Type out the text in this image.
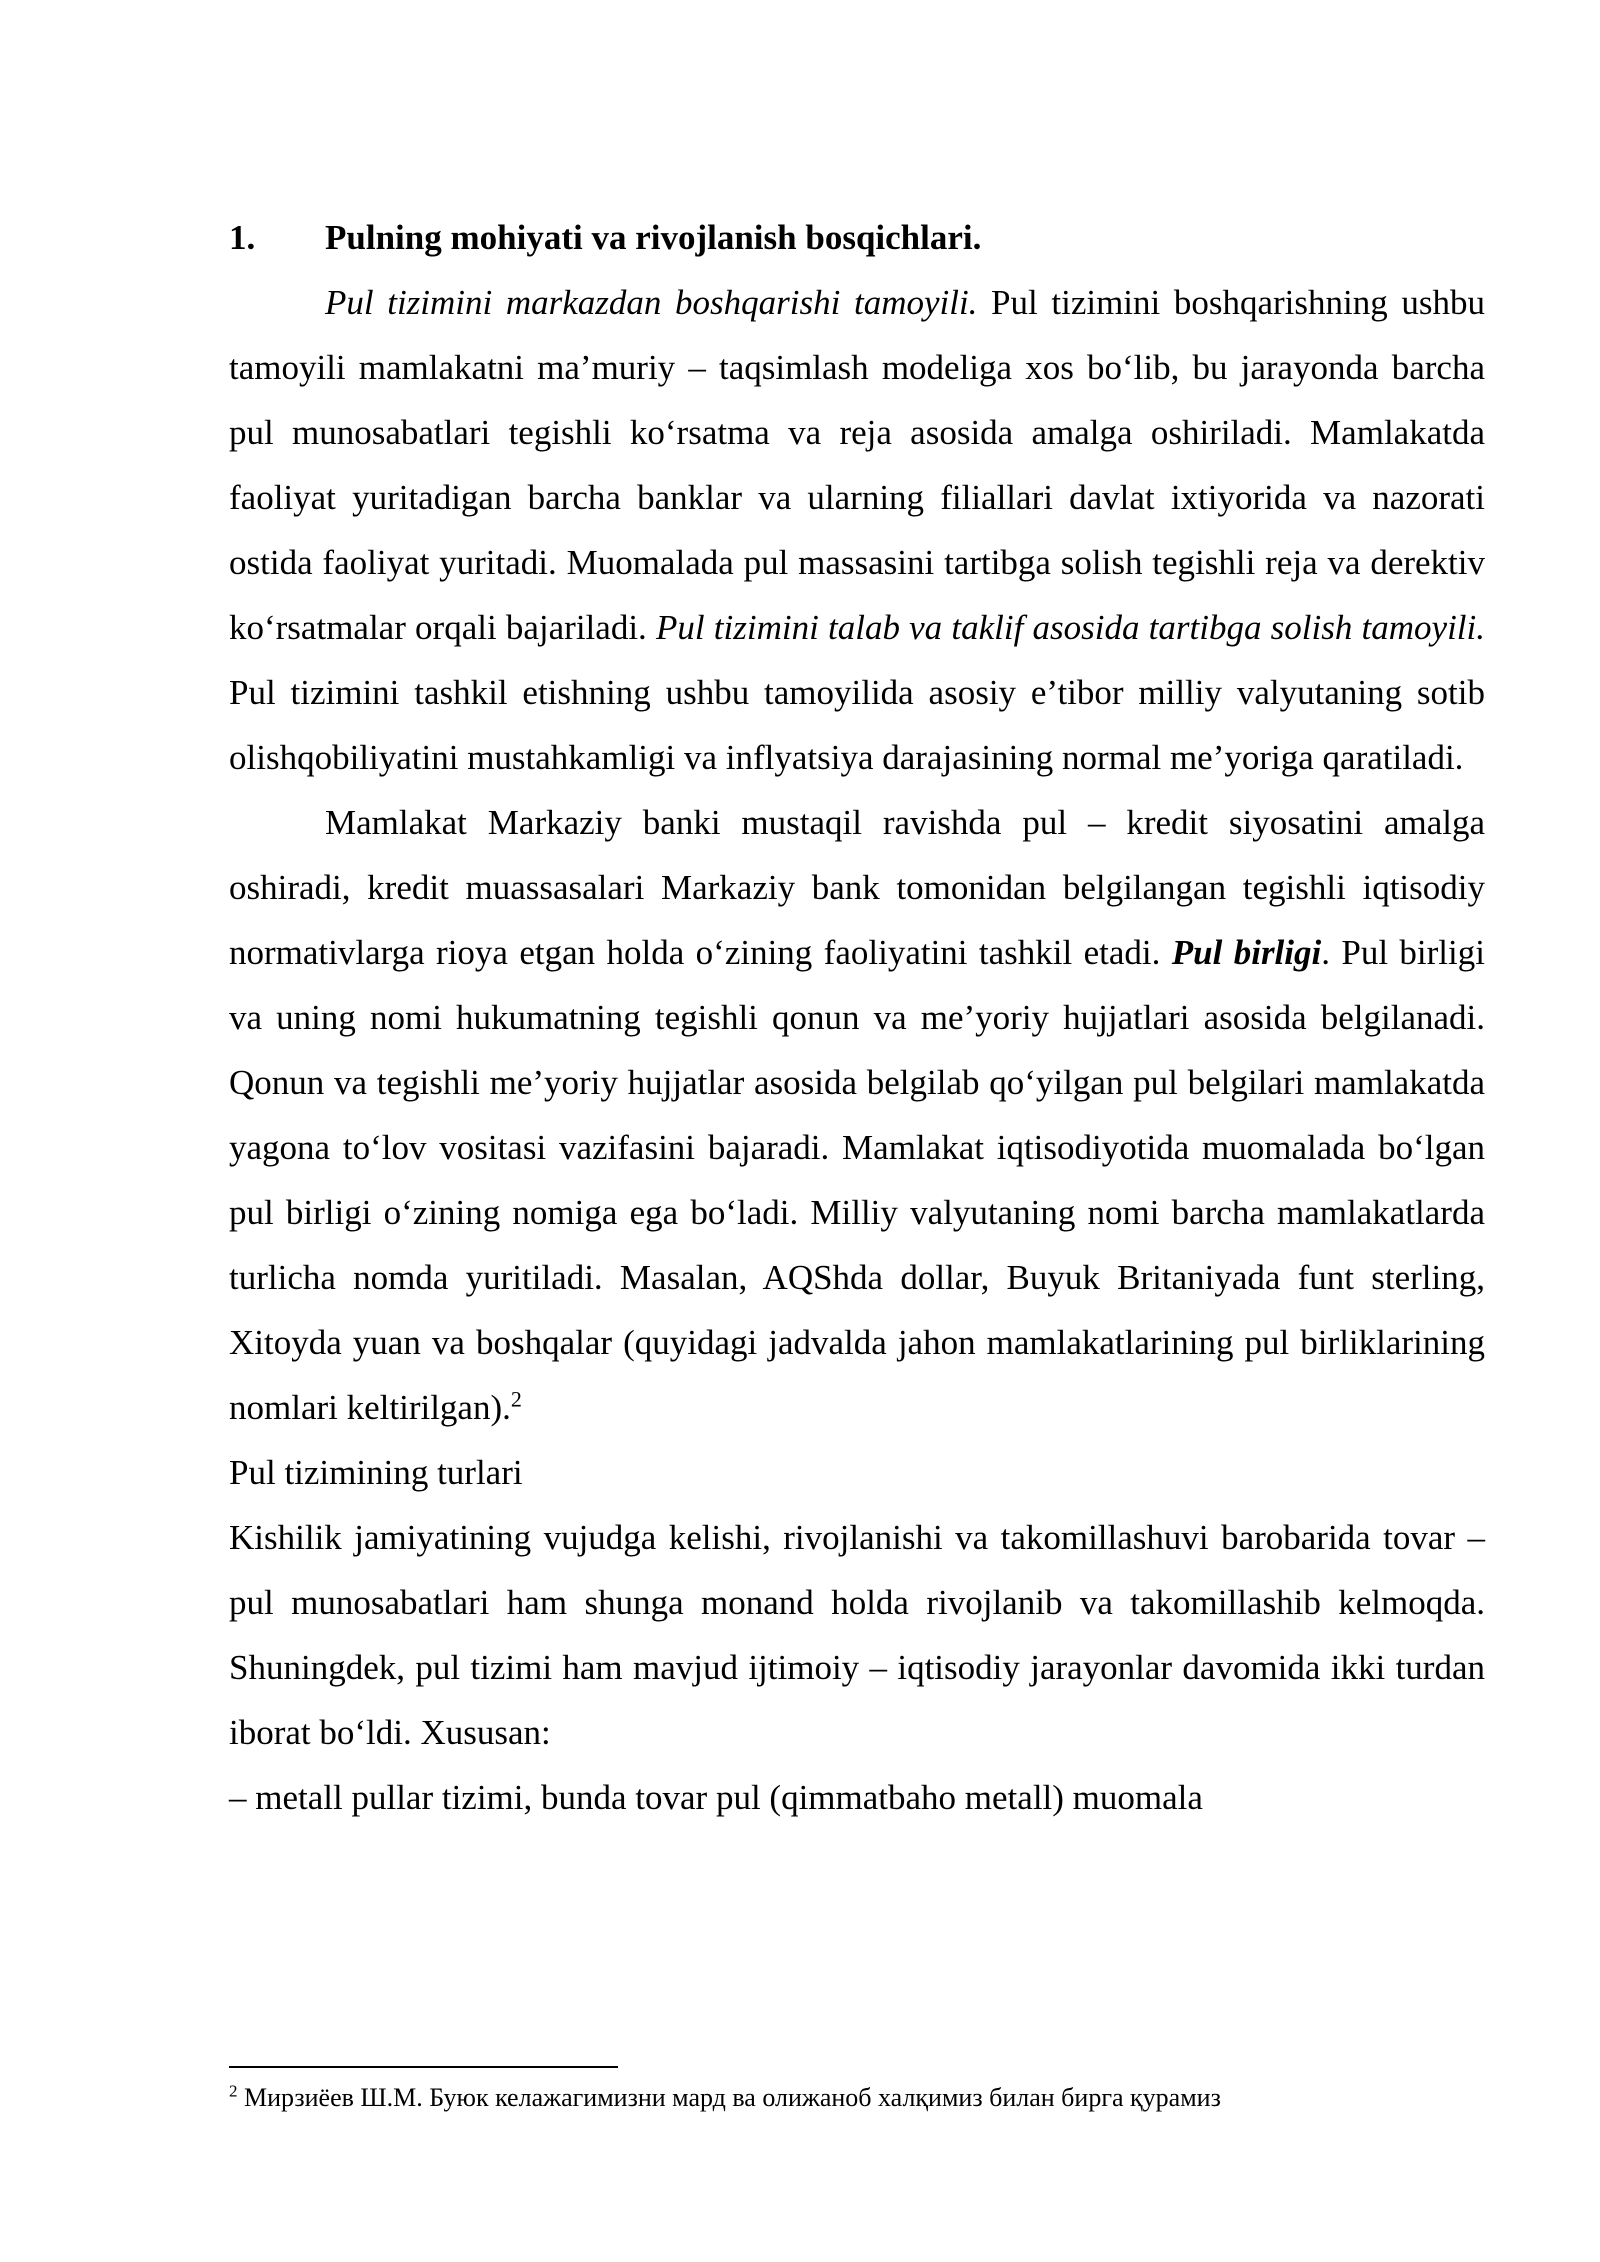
1.	Pulning mohiyati va rivojlanish bosqichlari.

Pul tizimini markazdan boshqarishi tamoyili. Pul tizimini boshqarishning ushbu tamoyili mamlakatni ma’muriy – taqsimlash modeliga xos bo‘lib, bu jarayonda barcha pul munosabatlari tegishli ko‘rsatma va reja asosida amalga oshiriladi. Mamlakatda faoliyat yuritadigan barcha banklar va ularning filiallari davlat ixtiyorida va nazorati ostida faoliyat yuritadi. Muomalada pul massasini tartibga solish tegishli reja va derektiv ko‘rsatmalar orqali bajariladi. Pul tizimini talab va taklif asosida tartibga solish tamoyili. Pul tizimini tashkil etishning ushbu tamoyilida asosiy e’tibor milliy valyutaning sotib olishqobiliyatini mustahkamligi va inflyatsiya darajasining normal me’yoriga qaratiladi.

Mamlakat Markaziy banki mustaqil ravishda pul – kredit siyosatini amalga oshiradi, kredit muassasalari Markaziy bank tomonidan belgilangan tegishli iqtisodiy normativlarga rioya etgan holda o‘zining faoliyatini tashkil etadi. Pul birligi. Pul birligi va uning nomi hukumatning tegishli qonun va me’yoriy hujjatlari asosida belgilanadi. Qonun va tegishli me’yoriy hujjatlar asosida belgilab qo‘yilgan pul belgilari mamlakatda yagona to‘lov vositasi vazifasini bajaradi. Mamlakat iqtisodiyotida muomalada bo‘lgan pul birligi o‘zining nomiga ega bo‘ladi. Milliy valyutaning nomi barcha mamlakatlarda turlicha nomda yuritiladi. Masalan, AQShda dollar, Buyuk Britaniyada funt sterling, Xitoyda yuan va boshqalar (quyidagi jadvalda jahon mamlakatlarining pul birliklarining nomlari keltirilgan).$^2$

Pul tizimining turlari

Kishilik jamiyatining vujudga kelishi, rivojlanishi va takomillashuvi barobarida tovar – pul munosabatlari ham shunga monand holda rivojlanib va takomillashib kelmoqda. Shuningdek, pul tizimi ham mavjud ijtimoiy – iqtisodiy jarayonlar davomida ikki turdan iborat bo‘ldi. Xususan:

– metall pullar tizimi, bunda tovar pul (qimmatbaho metall) muomala

$^2$ Мирзиёев Ш.М. Буюк келажагимизни мард ва олижаноб халқимиз билан бирга қурамиз
